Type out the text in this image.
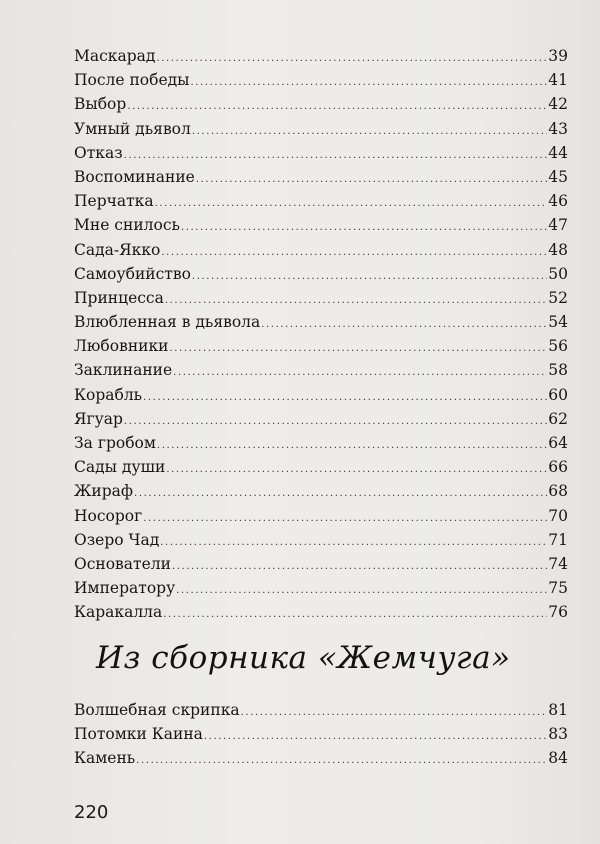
Маскарад .....	39
После победы .....	41
Выбор .....	42
Умный дьявол .....	43
Отказ .....	44
Воспоминание .....	45
Перчатка .....	46
Мне снилось .....	47
Сада-Якко .....	48
Самоубийство .....	50
Принцесса .....	52
Влюбленная в дьявола .....	54
Любовники .....	56
Заклинание .....	58
Корабль .....	60
Ягуар .....	62
За гробом .....	64
Сады души .....	66
Жираф .....	68
Носорог .....	70
Озеро Чад .....	71
Основатели .....	74
Императору .....	75
Каракалла .....	76
Из сборника «Жемчуга»
Волшебная скрипка .....	81
Потомки Каина .....	83
Камень .....	84
220
